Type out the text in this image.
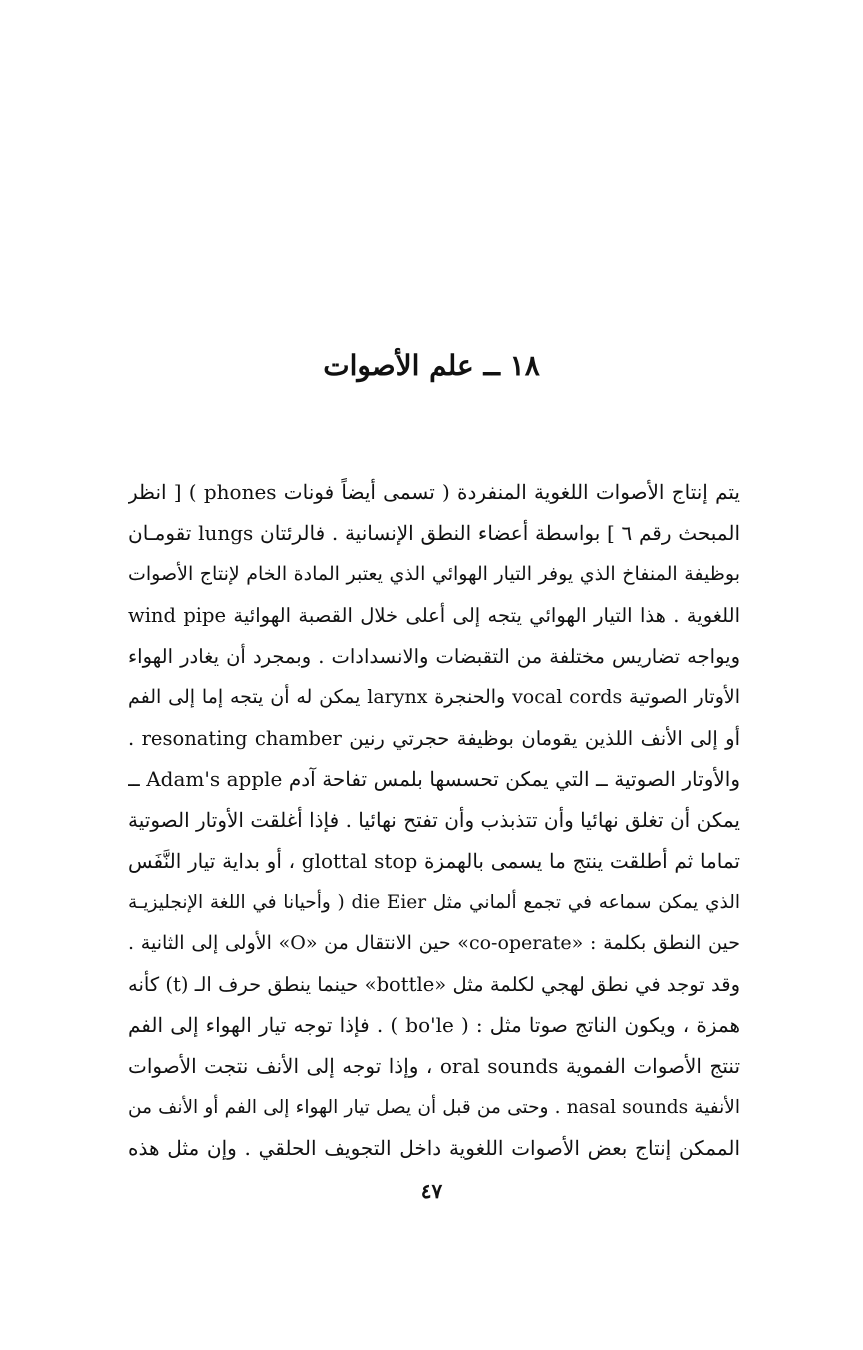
١٨ ــ علم الأصوات
يتم إنتاج الأصوات اللغوية المنفردة ( تسمى أيضاً فونات phones ) [ انظر
المبحث رقم ٦ ] بواسطة أعضاء النطق الإنسانية . فالرئتان lungs تقومـان
بوظيفة المنفاخ الذي يوفر التيار الهوائي الذي يعتبر المادة الخام لإنتاج الأصوات
اللغوية . هذا التيار الهوائي يتجه إلى أعلى خلال القصبة الهوائية wind pipe
ويواجه تضاريس مختلفة من التقبضات والانسدادات . وبمجرد أن يغادر الهواء
الأوتار الصوتية vocal cords والحنجرة larynx يمكن له أن يتجه إما إلى الفم
أو إلى الأنف اللذين يقومان بوظيفة حجرتي رنين resonating chamber .
والأوتار الصوتية ــ التي يمكن تحسسها بلمس تفاحة آدم Adam's apple ــ
يمكن أن تغلق نهائيا وأن تتذبذب وأن تفتح نهائيا . فإذا أغلقت الأوتار الصوتية
تماما ثم أطلقت ينتج ما يسمى بالهمزة glottal stop ، أو بداية تيار النَّفَس
الذي يمكن سماعه في تجمع ألماني مثل die Eier ( وأحيانا في اللغة الإنجليزيـة
حين النطق بكلمة : «co-operate» حين الانتقال من «O» الأولى إلى الثانية .
وقد توجد في نطق لهجي لكلمة مثل «bottle» حينما ينطق حرف الـ (t) كأنه
همزة ، ويكون الناتج صوتا مثل : ( bo'le ) . فإذا توجه تيار الهواء إلى الفم
تنتج الأصوات الفموية oral sounds ، وإذا توجه إلى الأنف نتجت الأصوات
الأنفية nasal sounds . وحتى من قبل أن يصل تيار الهواء إلى الفم أو الأنف من
الممكن إنتاج بعض الأصوات اللغوية داخل التجويف الحلقي . وإن مثل هذه
٤٧
